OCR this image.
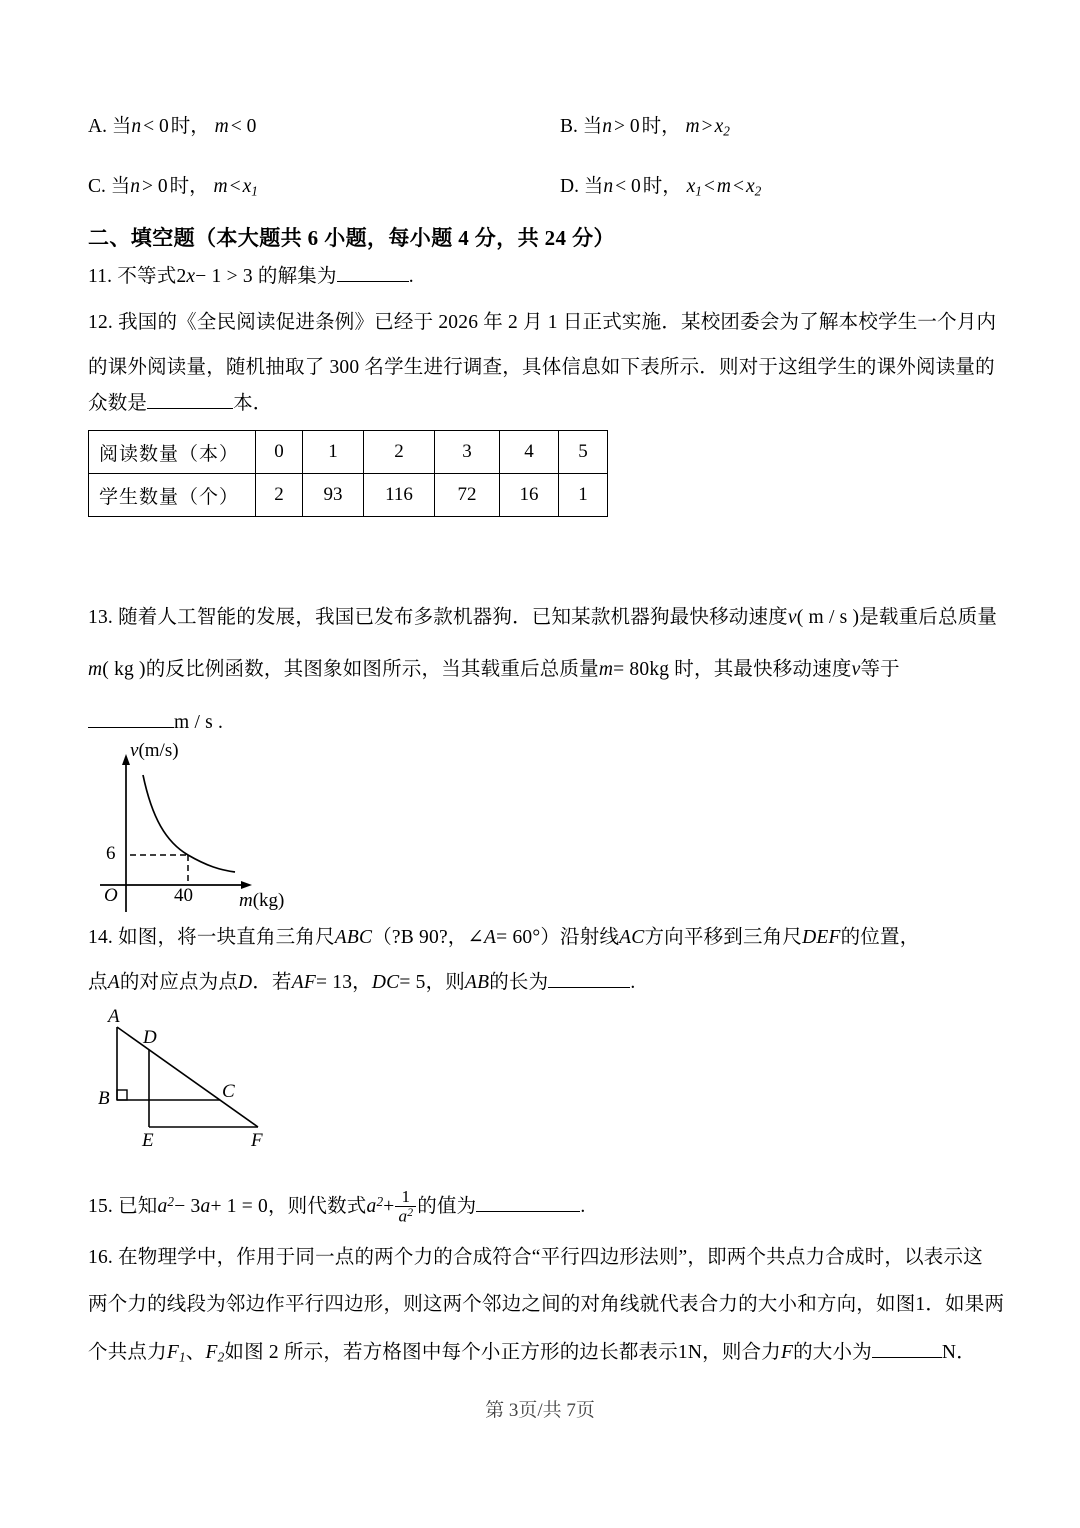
A. 当n < 0 时， m < 0	B. 当n > 0 时， $m > x_2$
C. 当n > 0 时， $m < x_1$	D. 当n < 0 时， $x_1 < m < x_2$
二、填空题（本大题共 6 小题，每小题 4 分，共 24 分）
11. 不等式2x− 1 > 3 的解集为	.
12. 我国的《全民阅读促进条例》已经于 2026 年 2 月 1 日正式实施．某校团委会为了解本校学生一个月内
的课外阅读量，随机抽取了 300 名学生进行调查，具体信息如下表所示．则对于这组学生的课外阅读量的
众数是	本．
阅读数量（本）	0	1	2	3	4	5
学生数量（个）	2	93	116	72	16	1
13. 随着人工智能的发展，我国已发布多款机器狗．已知某款机器狗最快移动速度v( m / s )是载重后总质量
m( kg )的反比例函数，其图象如图所示，当其载重后总质量m= 80kg 时，其最快移动速度v等于
m / s .
v(m/s)
m(kg)
O
6
40
14. 如图，将一块直角三角尺ABC（?B 90?，∠A= 60°）沿射线AC方向平移到三角尺DEF的位置，
点A的对应点为点D．若AF= 13，DC= 5，则AB的长为	.
A
D
B	C
E	F
15. 已知$a^2- 3a+ 1 = 0$，则代数式$a^2+ \frac{1}{a^2}$ 的值为	.
16. 在物理学中，作用于同一点的两个力的合成符合“平行四边形法则”，即两个共点力合成时，以表示这
两个力的线段为邻边作平行四边形，则这两个邻边之间的对角线就代表合力的大小和方向，如图1．如果两
个共点力$F_1$、$F_2$如图 2 所示，若方格图中每个小正方形的边长都表示1N，则合力F的大小为	N．
第 3页/共 7页
